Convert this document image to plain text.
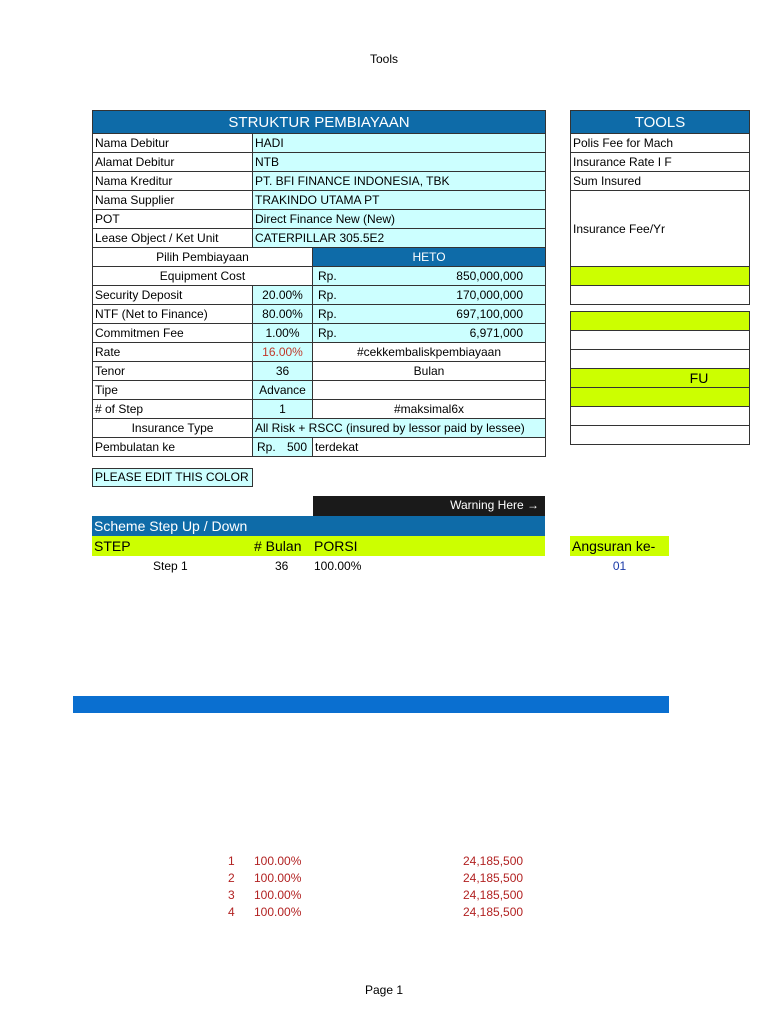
Tools
STRUKTUR PEMBIAYAAN		
Nama Debitur	HADI	
Alamat Debitur	NTB	
Nama Kreditur	PT. BFI FINANCE INDONESIA, TBK	
Nama Supplier	TRAKINDO UTAMA PT	
POT	Direct Finance New (New)	
Lease Object / Ket Unit	CATERPILLAR 305.5E2	
Pilih Pembiayaan		HETO
Equipment Cost		Rp. 850,000,000

Security Deposit	20.00%	Rp. 170,000,000

NTF (Net to Finance)	80.00%	Rp. 697,100,000

Commitmen Fee	1.00%	Rp. 6,971,000

Rate	16.00%	#cekkembaliskpembiayaan
Tenor	36	Bulan
Tipe	Advance	
# of Step	1	#maksimal6x
Insurance Type	All Risk + RSCC (insured by lessor paid by lessee)	
Pembulatan ke	Rp. 500	terdekat
TOOLS
Polis Fee for Mach
Insurance Rate I F
Sum Insured
Insurance Fee/Yr

FU

PLEASE EDIT THIS COLOR
Warning Here →
Scheme Step Up / Down
STEP	# Bulan PORSI	Angsuran ke-
Step 1	36 100.00%	01
1 100.00%	24,185,500
2 100.00%	24,185,500
3 100.00%	24,185,500
4 100.00%	24,185,500
Page 1
